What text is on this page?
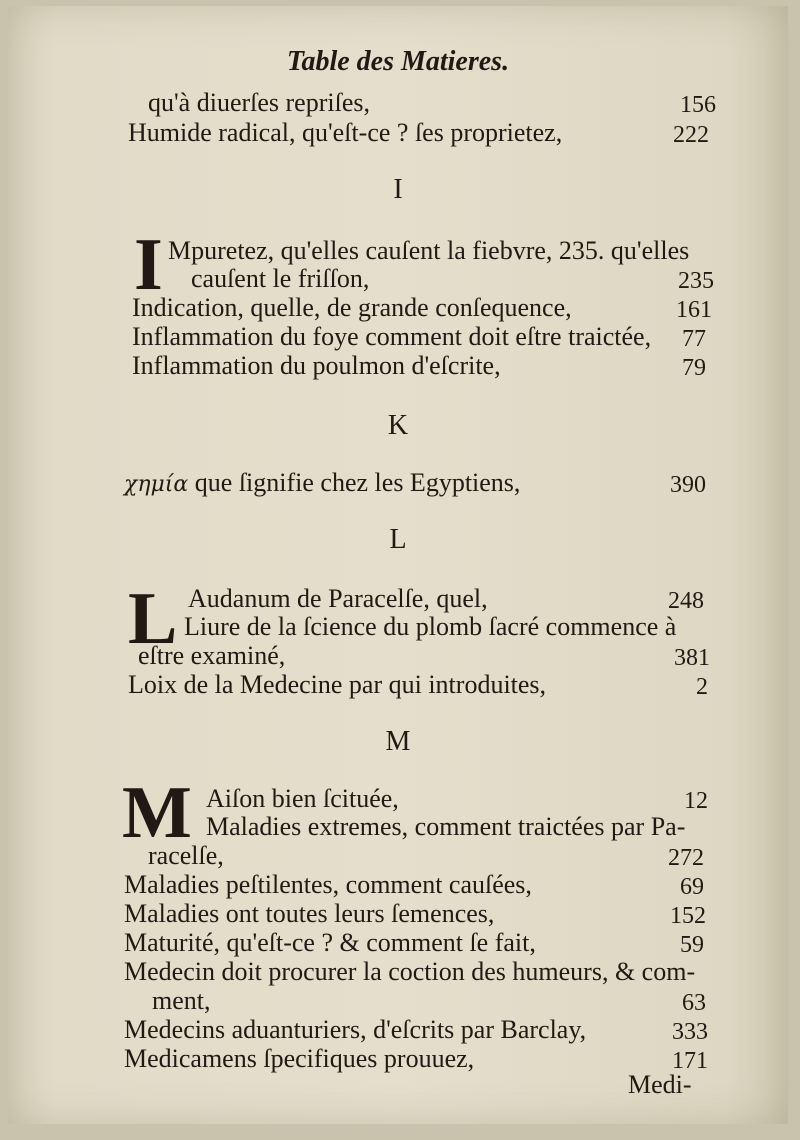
Table des Matieres.
qu'à diuerſes repriſes,	156
Humide radical, qu'eſt-ce ? ſes proprietez,	222
I
I Mpuretez, qu'elles cauſent la fiebvre, 235. qu'elles
cauſent le friſſon,	235
Indication, quelle, de grande conſequence,	161
Inflammation du foye comment doit eſtre traictée, 77
Inflammation du poulmon d'eſcrite,	79
K
χημία que ſignifie chez les Egyptiens,	390
L
L Audanum de Paracelſe, quel,	248
Liure de la ſcience du plomb ſacré commence à
eſtre examiné,	381
Loix de la Medecine par qui introduites,	2
M
M Aiſon bien ſcituée,	12
Maladies extremes, comment traictées par Pa-
racelſe,	272
Maladies peſtilentes, comment cauſées,	69
Maladies ont toutes leurs ſemences,	152
Maturité, qu'eſt-ce ? & comment ſe fait,	59
Medecin doit procurer la coction des humeurs, & com-
ment,	63
Medecins aduanturiers, d'eſcrits par Barclay,	333
Medicamens ſpecifiques prouuez,	171
Medi-
